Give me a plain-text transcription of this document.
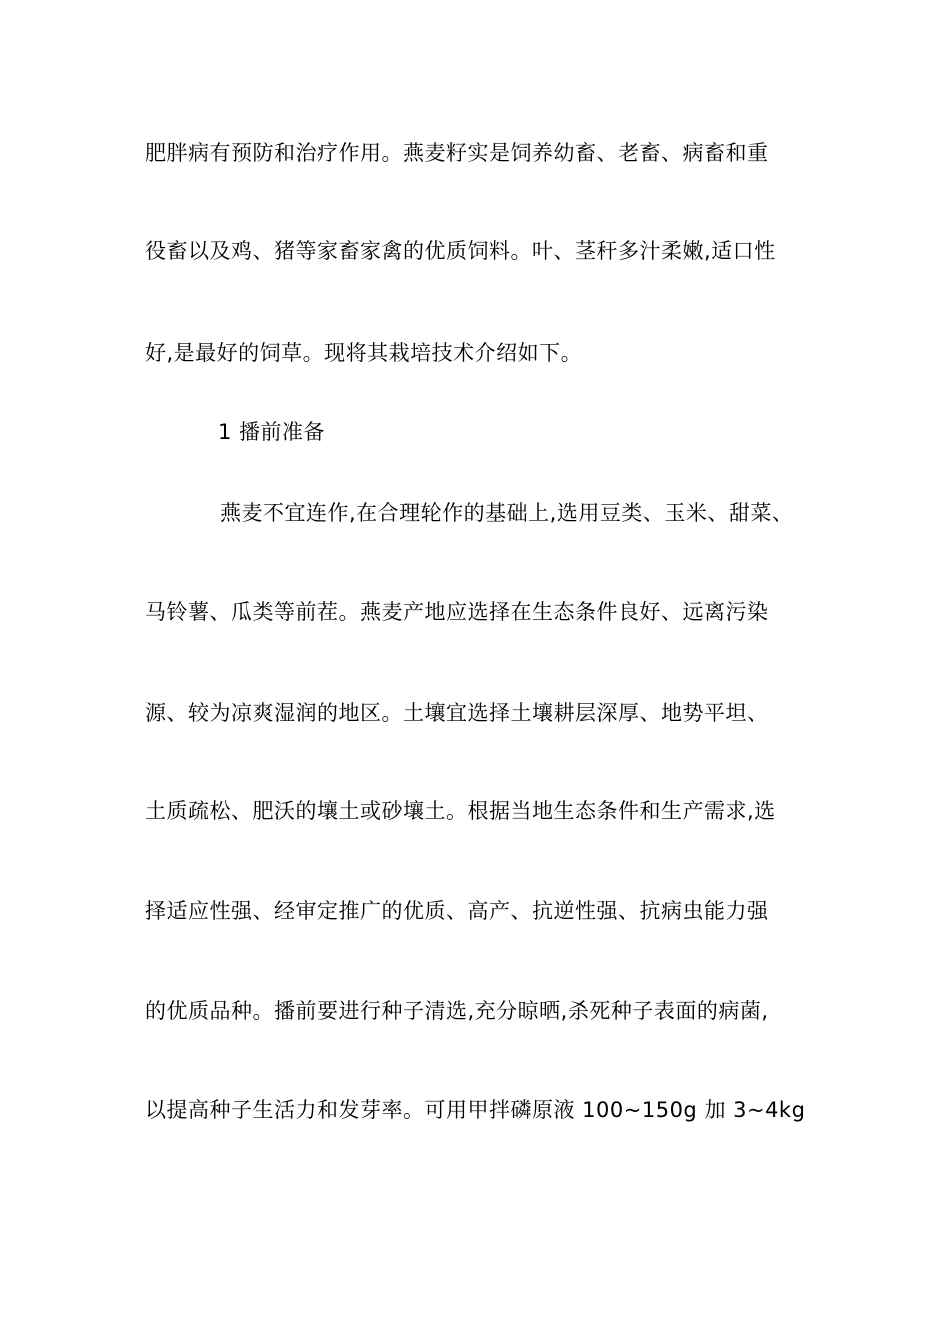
肥胖病有预防和治疗作用。燕麦籽实是饲养幼畜、老畜、病畜和重
役畜以及鸡、猪等家畜家禽的优质饲料。叶、茎秆多汁柔嫩,适口性
好,是最好的饲草。现将其栽培技术介绍如下。
1 播前准备
燕麦不宜连作,在合理轮作的基础上,选用豆类、玉米、甜菜、
马铃薯、瓜类等前茬。燕麦产地应选择在生态条件良好、远离污染
源、较为凉爽湿润的地区。土壤宜选择土壤耕层深厚、地势平坦、
土质疏松、肥沃的壤土或砂壤土。根据当地生态条件和生产需求,选
择适应性强、经审定推广的优质、高产、抗逆性强、抗病虫能力强
的优质品种。播前要进行种子清选,充分晾晒,杀死种子表面的病菌,
以提高种子生活力和发芽率。可用甲拌磷原液 100~150g 加 3~4kg
